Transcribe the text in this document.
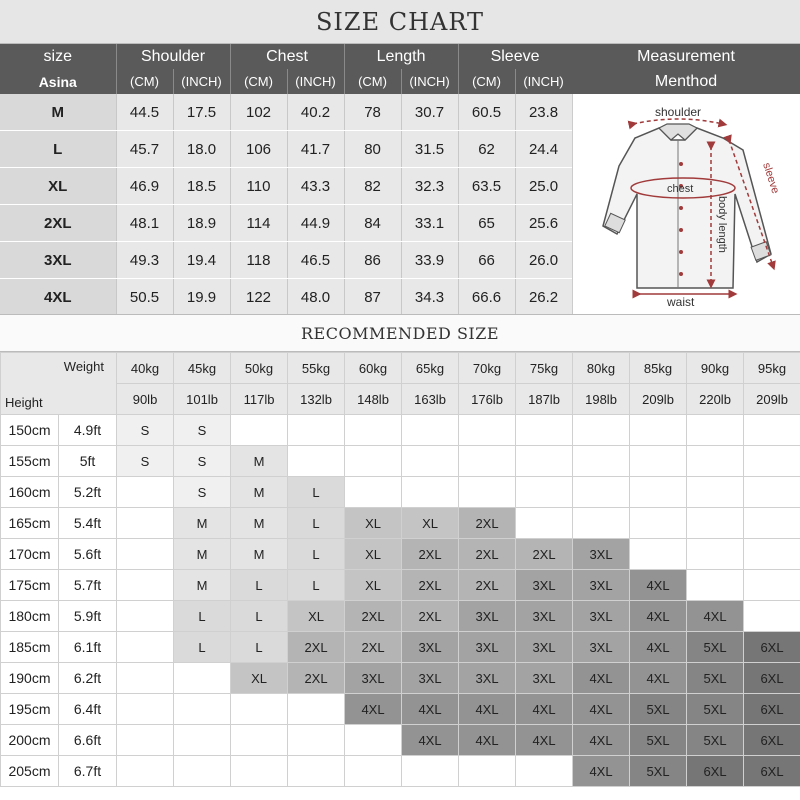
SIZE CHART
size	Shoulder		Chest		Length		Sleeve	
Asina	(CM)	(INCH)	(CM)	(INCH)	(CM)	(INCH)	(CM)	(INCH)
M	44.5	17.5	102	40.2	78	30.7	60.5	23.8
L	45.7	18.0	106	41.7	80	31.5	62	24.4
XL	46.9	18.5	110	43.3	82	32.3	63.5	25.0
2XL	48.1	18.9	114	44.9	84	33.1	65	25.6
3XL	49.3	19.4	118	46.5	86	33.9	66	26.0
4XL	50.5	19.9	122	48.0	87	34.3	66.6	26.2
Measurement
Menthod
shoulder
chest	sleeve
body length
waist
RECOMMENDED SIZE
Weight		40kg	45kg	50kg	55kg	60kg	65kg	70kg	75kg	80kg	85kg	90kg	95kg
Height		90lb	101lb	117lb	132lb	148lb	163lb	176lb	187lb	198lb	209lb	220lb	209lb
150cm	4.9ft	S	S										
155cm	5ft	S	S	M									
160cm	5.2ft		S	M	L								
165cm	5.4ft		M	M	L	XL	XL	2XL					
170cm	5.6ft		M	M	L	XL	2XL	2XL	2XL	3XL			
175cm	5.7ft		M	L	L	XL	2XL	2XL	3XL	3XL	4XL		
180cm	5.9ft		L	L	XL	2XL	2XL	3XL	3XL	3XL	4XL	4XL	
185cm	6.1ft		L	L	2XL	2XL	3XL	3XL	3XL	3XL	4XL	5XL	6XL
190cm	6.2ft			XL	2XL	3XL	3XL	3XL	3XL	4XL	4XL	5XL	6XL
195cm	6.4ft					4XL	4XL	4XL	4XL	4XL	5XL	5XL	6XL
200cm	6.6ft						4XL	4XL	4XL	4XL	5XL	5XL	6XL
205cm	6.7ft									4XL	5XL	6XL	6XL
